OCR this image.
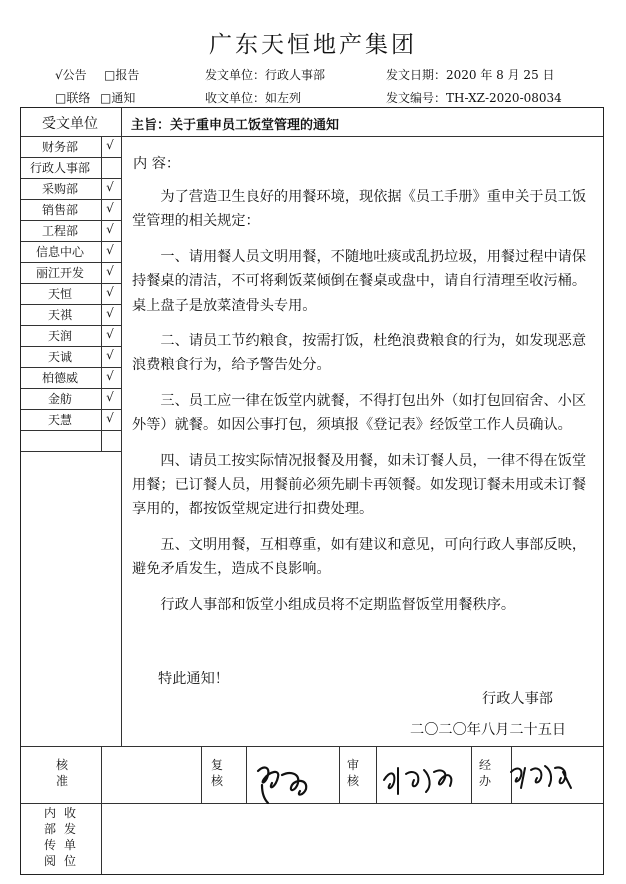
广东天恒地产集团
√公告 □报告
□联络 □通知
发文单位：行政人事部
收文单位：如左列
发文日期：2020 年 8 月 25 日
发文编号：TH-XZ-2020-08034
受文单位	主旨：关于重申员工饭堂管理的通知
财务部	√
行政人事部
采购部	√
销售部	√
工程部	√
信息中心	√
丽江开发	√
天恒	√
天祺	√
天润	√
天诚	√
柏德威	√
金舫	√
天慧	√
内 容：

为了营造卫生良好的用餐环境，现依据《员工手册》重申关于员工饭堂管理的相关规定：

一、请用餐人员文明用餐，不随地吐痰或乱扔垃圾，用餐过程中请保持餐桌的清洁，不可将剩饭菜倾倒在餐桌或盘中，请自行清理至收污桶。桌上盘子是放菜渣骨头专用。

二、请员工节约粮食，按需打饭，杜绝浪费粮食的行为，如发现恶意浪费粮食行为，给予警告处分。

三、员工应一律在饭堂内就餐，不得打包出外（如打包回宿舍、小区外等）就餐。如因公事打包，须填报《登记表》经饭堂工作人员确认。

四、请员工按实际情况报餐及用餐，如未订餐人员，一律不得在饭堂用餐；已订餐人员，用餐前必须先刷卡再领餐。如发现订餐未用或未订餐享用的，都按饭堂规定进行扣费处理。

五、文明用餐，互相尊重，如有建议和意见，可向行政人事部反映，避免矛盾发生，造成不良影响。

行政人事部和饭堂小组成员将不定期监督饭堂用餐秩序。

特此通知！
行政人事部
二〇二〇年八月二十五日
核准
复核
审核
经办
内部传阅
收发单位
